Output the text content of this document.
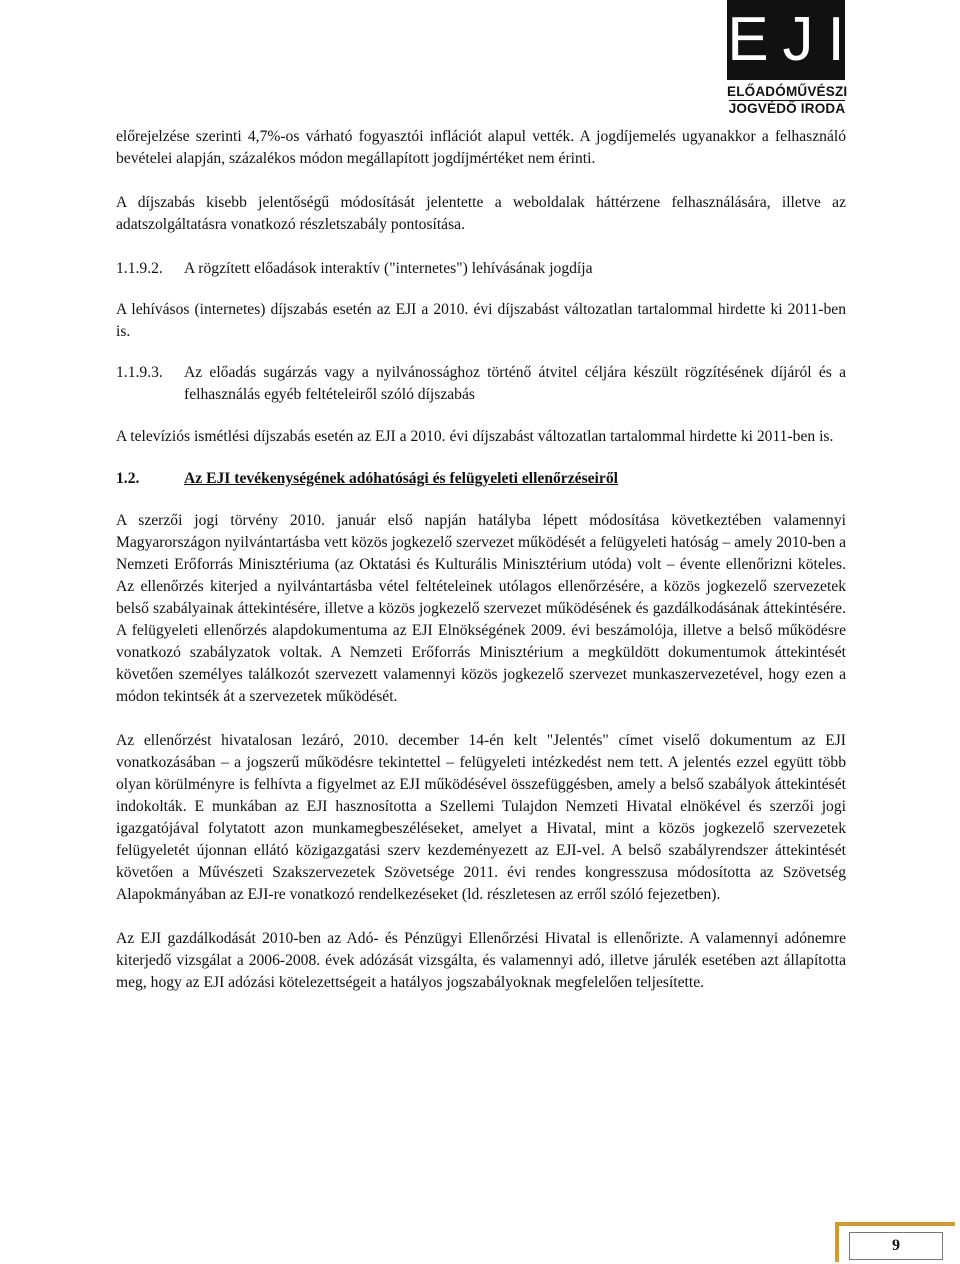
EJI
ELŐADÓMŰVÉSZI
JOGVÉDŐ IRODA

előrejelzése szerinti 4,7%-os várható fogyasztói inflációt alapul vették. A jogdíjemelés ugyanakkor a felhasználó bevételei alapján, százalékos módon megállapított jogdíjmértéket nem érinti.

A díjszabás kisebb jelentőségű módosítását jelentette a weboldalak háttérzene felhasználására, illetve az adatszolgáltatásra vonatkozó részletszabály pontosítása.

1.1.9.2.	A rögzített előadások interaktív ("internetes") lehívásának jogdíja

A lehívásos (internetes) díjszabás esetén az EJI a 2010. évi díjszabást változatlan tartalommal hirdette ki 2011-ben is.

1.1.9.3.	Az előadás sugárzás vagy a nyilvánossághoz történő átvitel céljára készült rögzítésének díjáról és a felhasználás egyéb feltételeiről szóló díjszabás

A televíziós ismétlési díjszabás esetén az EJI a 2010. évi díjszabást változatlan tartalommal hirdette ki 2011-ben is.

1.2.	Az EJI tevékenységének adóhatósági és felügyeleti ellenőrzéseiről

A szerzői jogi törvény 2010. január első napján hatályba lépett módosítása következtében valamennyi Magyarországon nyilvántartásba vett közös jogkezelő szervezet működését a felügyeleti hatóság – amely 2010-ben a Nemzeti Erőforrás Minisztériuma (az Oktatási és Kulturális Minisztérium utóda) volt – évente ellenőrizni köteles. Az ellenőrzés kiterjed a nyilvántartásba vétel feltételeinek utólagos ellenőrzésére, a közös jogkezelő szervezetek belső szabályainak áttekintésére, illetve a közös jogkezelő szervezet működésének és gazdálkodásának áttekintésére. A felügyeleti ellenőrzés alapdokumentuma az EJI Elnökségének 2009. évi beszámolója, illetve a belső működésre vonatkozó szabályzatok voltak. A Nemzeti Erőforrás Minisztérium a megküldött dokumentumok áttekintését követően személyes találkozót szervezett valamennyi közös jogkezelő szervezet munkaszervezetével, hogy ezen a módon tekintsék át a szervezetek működését.

Az ellenőrzést hivatalosan lezáró, 2010. december 14-én kelt "Jelentés" címet viselő dokumentum az EJI vonatkozásában – a jogszerű működésre tekintettel – felügyeleti intézkedést nem tett. A jelentés ezzel együtt több olyan körülményre is felhívta a figyelmet az EJI működésével összefüggésben, amely a belső szabályok áttekintését indokolták. E munkában az EJI hasznosította a Szellemi Tulajdon Nemzeti Hivatal elnökével és szerzői jogi igazgatójával folytatott azon munkamegbeszéléseket, amelyet a Hivatal, mint a közös jogkezelő szervezetek felügyeletét újonnan ellátó közigazgatási szerv kezdeményezett az EJI-vel. A belső szabályrendszer áttekintését követően a Művészeti Szakszervezetek Szövetsége 2011. évi rendes kongresszusa módosította az Szövetség Alapokmányában az EJI-re vonatkozó rendelkezéseket (ld. részletesen az erről szóló fejezetben).

Az EJI gazdálkodását 2010-ben az Adó- és Pénzügyi Ellenőrzési Hivatal is ellenőrizte. A valamennyi adónemre kiterjedő vizsgálat a 2006-2008. évek adózását vizsgálta, és valamennyi adó, illetve járulék esetében azt állapította meg, hogy az EJI adózási kötelezettségeit a hatályos jogszabályoknak megfelelően teljesítette.

9
